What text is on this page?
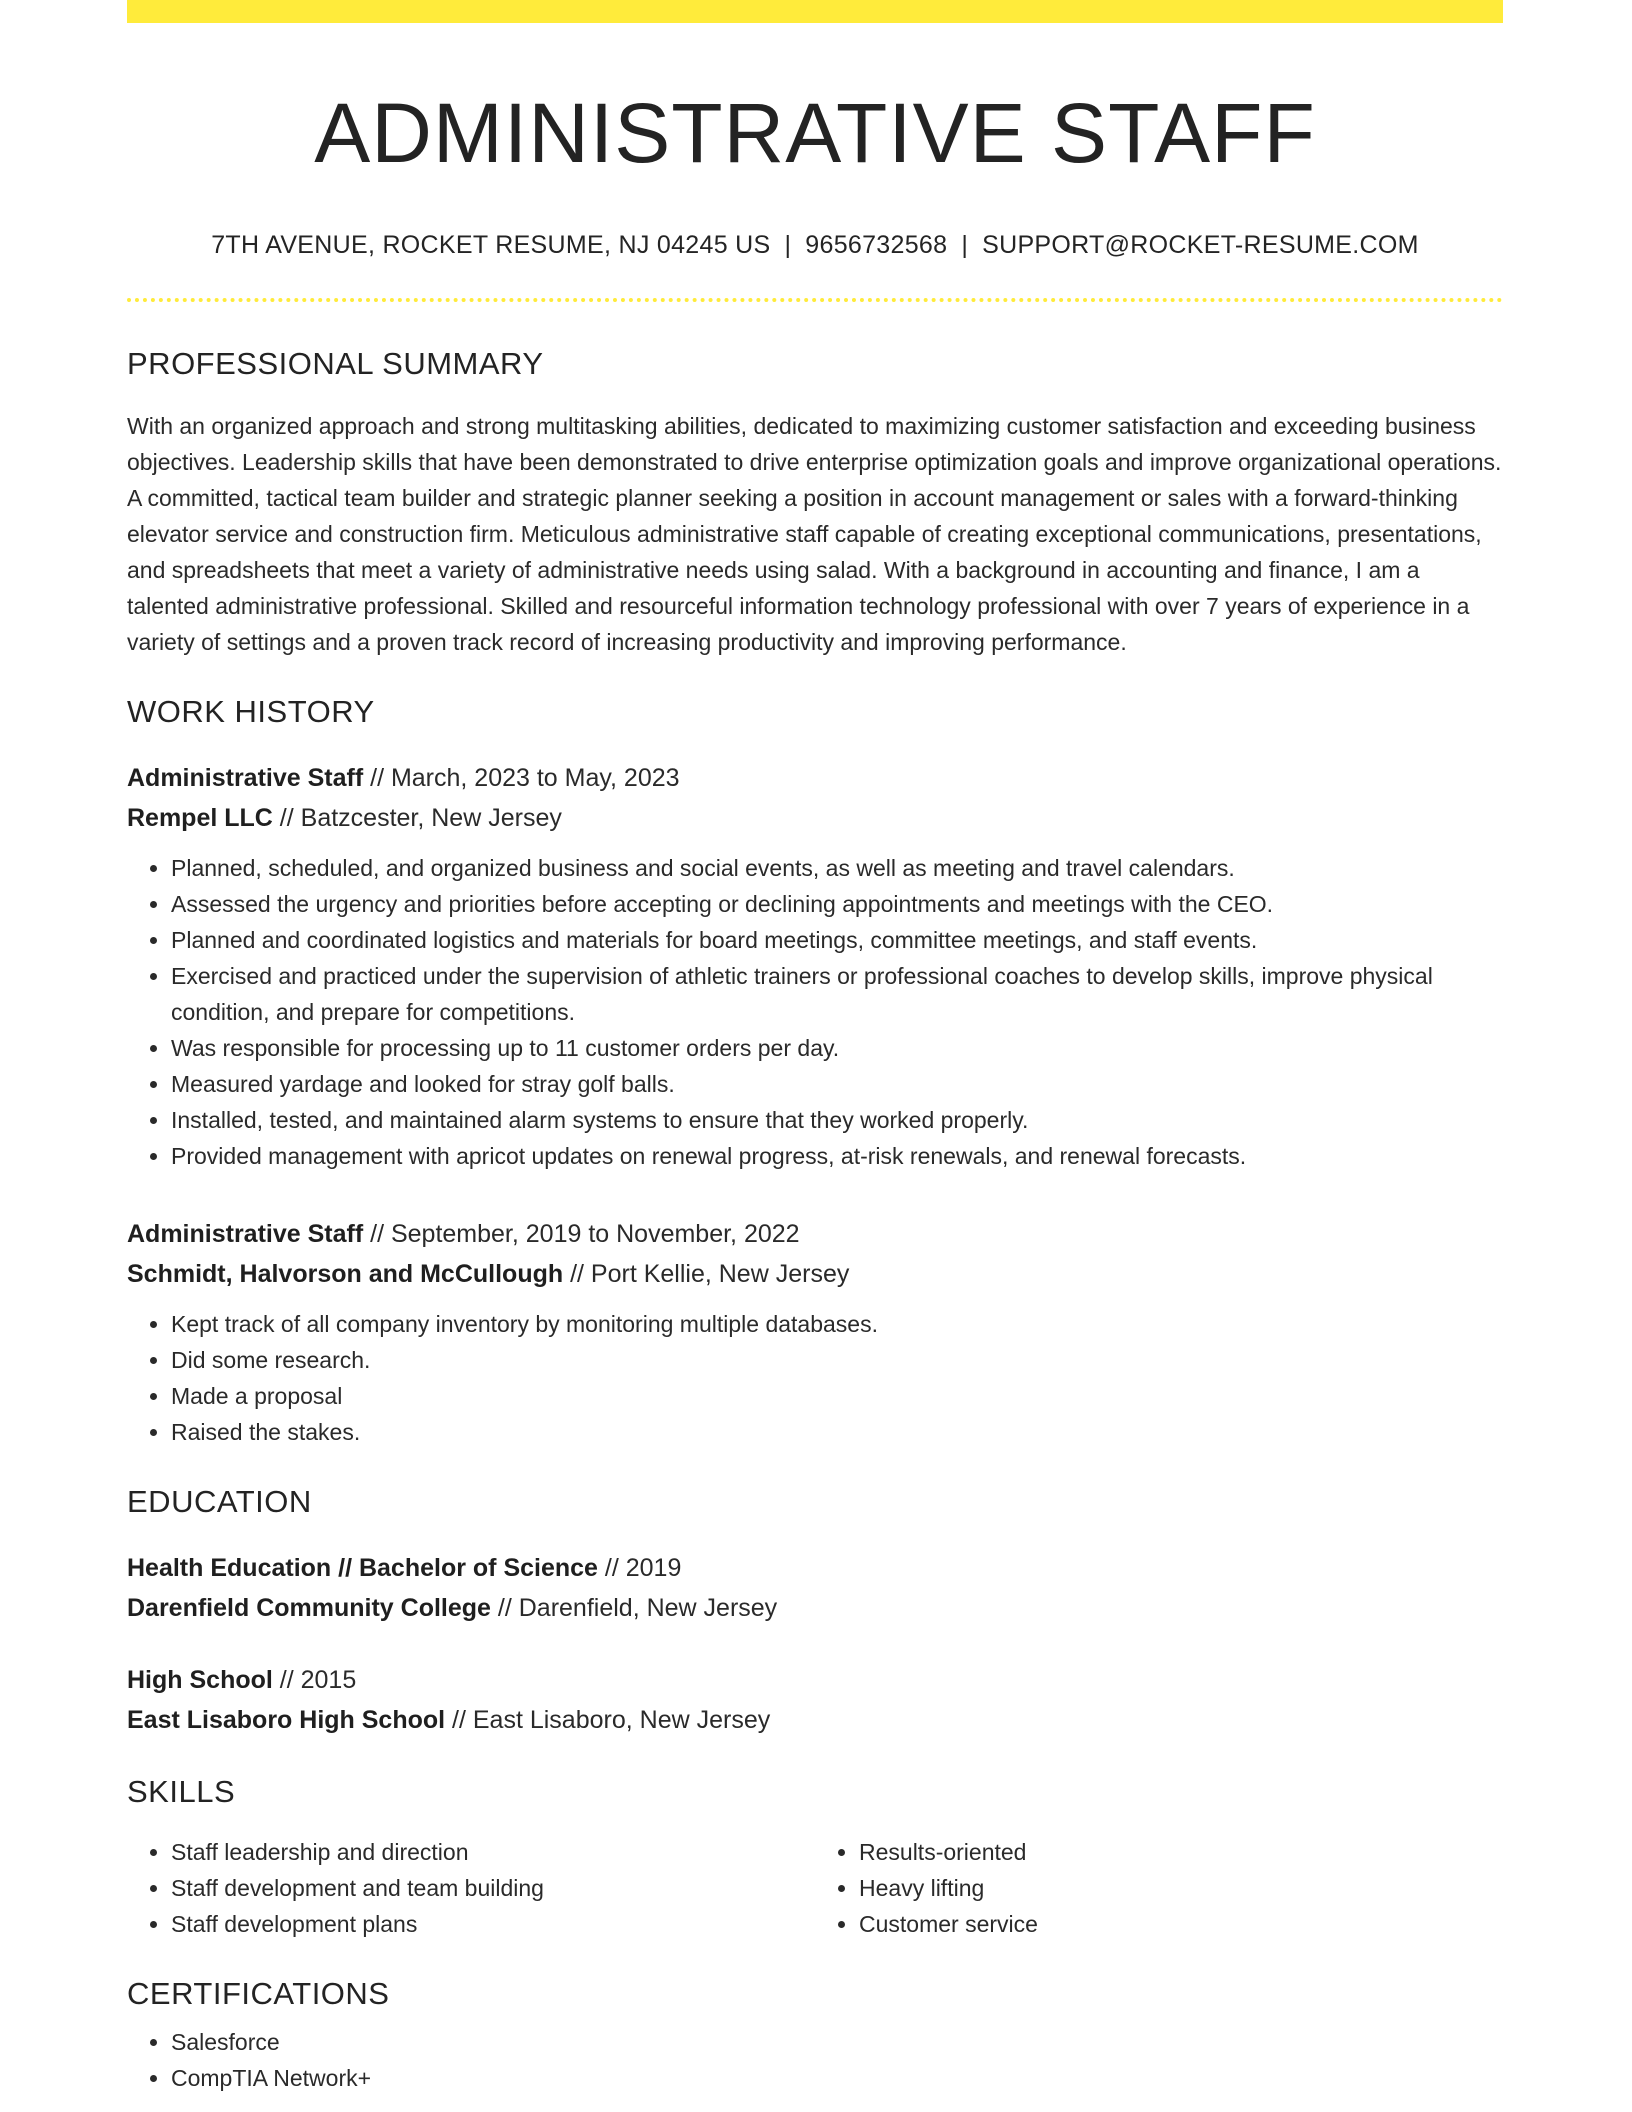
ADMINISTRATIVE STAFF
7TH AVENUE, ROCKET RESUME, NJ 04245 US | 9656732568 | SUPPORT@ROCKET-RESUME.COM
PROFESSIONAL SUMMARY
With an organized approach and strong multitasking abilities, dedicated to maximizing customer satisfaction and exceeding business objectives. Leadership skills that have been demonstrated to drive enterprise optimization goals and improve organizational operations. A committed, tactical team builder and strategic planner seeking a position in account management or sales with a forward-thinking elevator service and construction firm. Meticulous administrative staff capable of creating exceptional communications, presentations, and spreadsheets that meet a variety of administrative needs using salad. With a background in accounting and finance, I am a talented administrative professional. Skilled and resourceful information technology professional with over 7 years of experience in a variety of settings and a proven track record of increasing productivity and improving performance.
WORK HISTORY
Administrative Staff // March, 2023 to May, 2023
Rempel LLC // Batzcester, New Jersey
• Planned, scheduled, and organized business and social events, as well as meeting and travel calendars.
• Assessed the urgency and priorities before accepting or declining appointments and meetings with the CEO.
• Planned and coordinated logistics and materials for board meetings, committee meetings, and staff events.
• Exercised and practiced under the supervision of athletic trainers or professional coaches to develop skills, improve physical condition, and prepare for competitions.
• Was responsible for processing up to 11 customer orders per day.
• Measured yardage and looked for stray golf balls.
• Installed, tested, and maintained alarm systems to ensure that they worked properly.
• Provided management with apricot updates on renewal progress, at-risk renewals, and renewal forecasts.
Administrative Staff // September, 2019 to November, 2022
Schmidt, Halvorson and McCullough // Port Kellie, New Jersey
• Kept track of all company inventory by monitoring multiple databases.
• Did some research.
• Made a proposal
• Raised the stakes.
EDUCATION
Health Education // Bachelor of Science // 2019
Darenfield Community College // Darenfield, New Jersey
High School // 2015
East Lisaboro High School // East Lisaboro, New Jersey
SKILLS
• Staff leadership and direction
• Staff development and team building
• Staff development plans
• Results-oriented
• Heavy lifting
• Customer service
CERTIFICATIONS
• Salesforce
• CompTIA Network+
